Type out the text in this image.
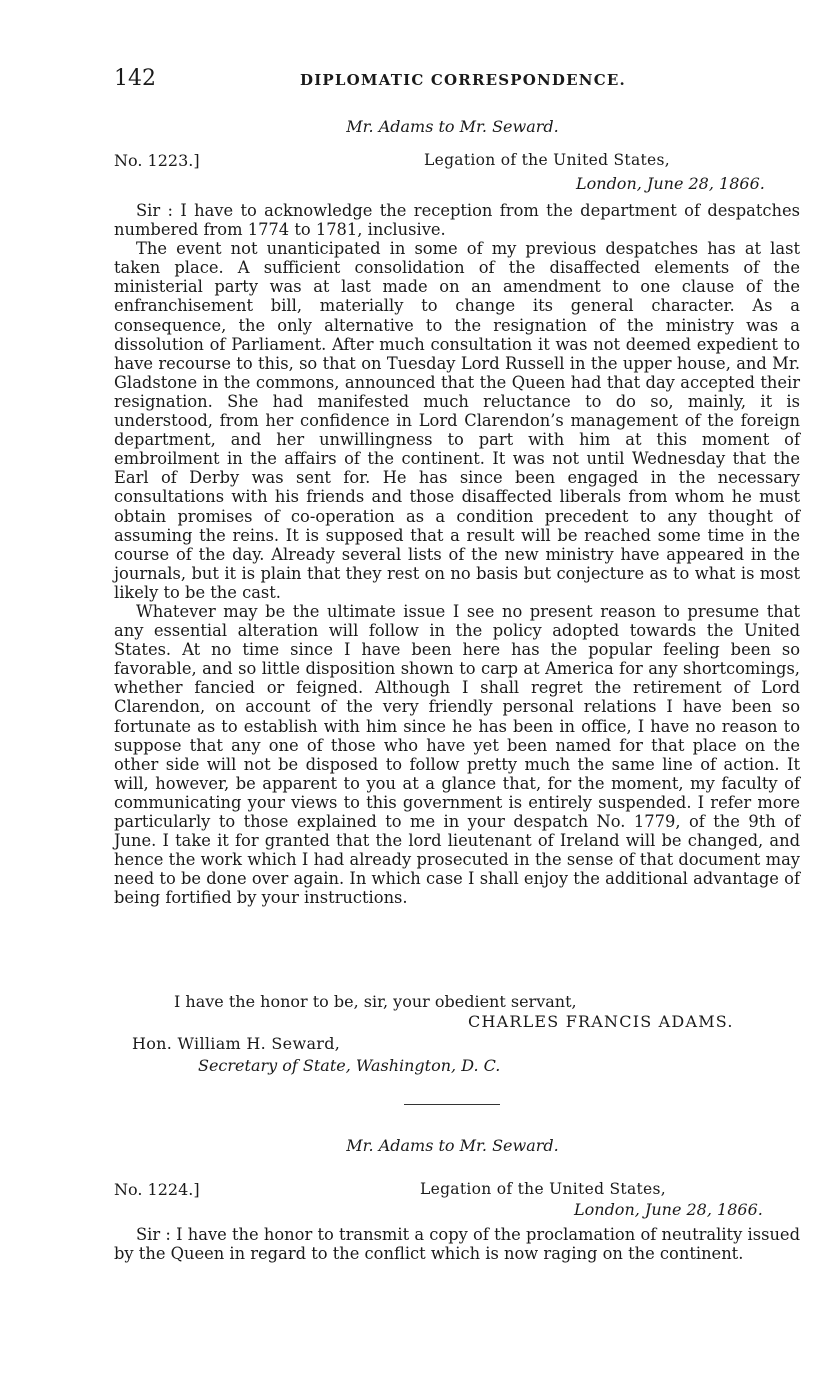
142	DIPLOMATIC CORRESPONDENCE.
Mr. Adams to Mr. Seward.
No. 1223.]	Legation of the United States,
London, June 28, 1866.

Sir : I have to acknowledge the reception from the department of despatches numbered from 1774 to 1781, inclusive.

The event not unanticipated in some of my previous despatches has at last taken place. A sufficient consolidation of the disaffected elements of the ministerial party was at last made on an amendment to one clause of the enfranchisement bill, materially to change its general character. As a consequence, the only alternative to the resignation of the ministry was a dissolution of Parliament. After much consultation it was not deemed expedient to have recourse to this, so that on Tuesday Lord Russell in the upper house, and Mr. Gladstone in the commons, announced that the Queen had that day accepted their resignation. She had manifested much reluctance to do so, mainly, it is understood, from her confidence in Lord Clarendon’s management of the foreign department, and her unwillingness to part with him at this moment of embroilment in the affairs of the continent. It was not until Wednesday that the Earl of Derby was sent for. He has since been engaged in the necessary consultations with his friends and those disaffected liberals from whom he must obtain promises of co-operation as a condition precedent to any thought of assuming the reins. It is supposed that a result will be reached some time in the course of the day. Already several lists of the new ministry have appeared in the journals, but it is plain that they rest on no basis but conjecture as to what is most likely to be the cast.

Whatever may be the ultimate issue I see no present reason to presume that any essential alteration will follow in the policy adopted towards the United States. At no time since I have been here has the popular feeling been so favorable, and so little disposition shown to carp at America for any shortcomings, whether fancied or feigned. Although I shall regret the retirement of Lord Clarendon, on account of the very friendly personal relations I have been so fortunate as to establish with him since he has been in office, I have no reason to suppose that any one of those who have yet been named for that place on the other side will not be disposed to follow pretty much the same line of action. It will, however, be apparent to you at a glance that, for the moment, my faculty of communicating your views to this government is entirely suspended. I refer more particularly to those explained to me in your despatch No. 1779, of the 9th of June. I take it for granted that the lord lieutenant of Ireland will be changed, and hence the work which I had already prosecuted in the sense of that document may need to be done over again. In which case I shall enjoy the additional advantage of being fortified by your instructions.

I have the honor to be, sir, your obedient servant,
CHARLES FRANCIS ADAMS.
Hon. William H. Seward,
Secretary of State, Washington, D. C.
Mr. Adams to Mr. Seward.
No. 1224.]	Legation of the United States,
London, June 28, 1866.

Sir : I have the honor to transmit a copy of the proclamation of neutrality issued by the Queen in regard to the conflict which is now raging on the continent.
